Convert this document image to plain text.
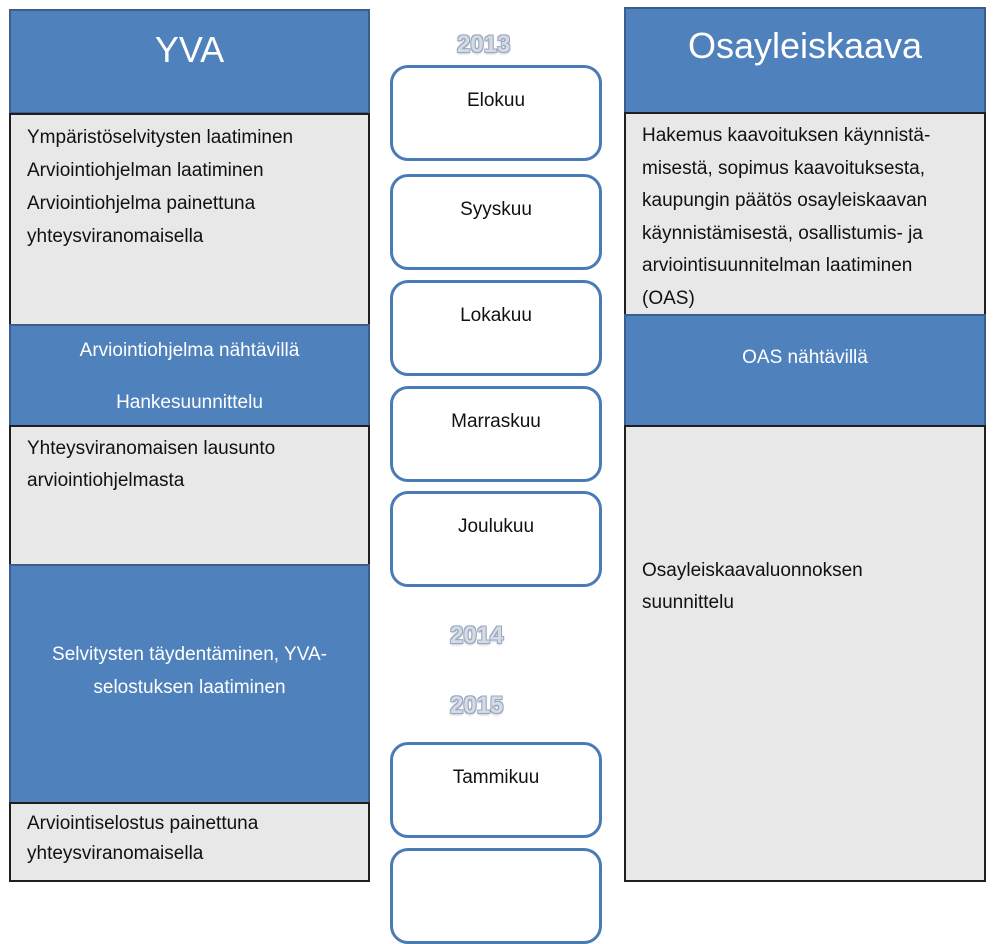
YVA
Ympäristöselvitysten laatiminen
Arviointiohjelman laatiminen
Arviointiohjelma painettuna
yhteysviranomaisella
Arviointiohjelma nähtävillä
Hankesuunnittelu
Yhteysviranomaisen lausunto
arviointiohjelmasta
Selvitysten täydentäminen, YVA-
selostuksen laatiminen
Arviointiselostus painettuna
yhteysviranomaisella
2013
Elokuu
Syyskuu
Lokakuu
Marraskuu
Joulukuu
2014
2015
Tammikuu
Osayleiskaava
Hakemus kaavoituksen käynnistä-
misestä, sopimus kaavoituksesta,
kaupungin päätös osayleiskaavan
käynnistämisestä, osallistumis- ja
arviointisuunnitelman laatiminen
(OAS)
OAS nähtävillä
Osayleiskaavaluonnoksen
suunnittelu
